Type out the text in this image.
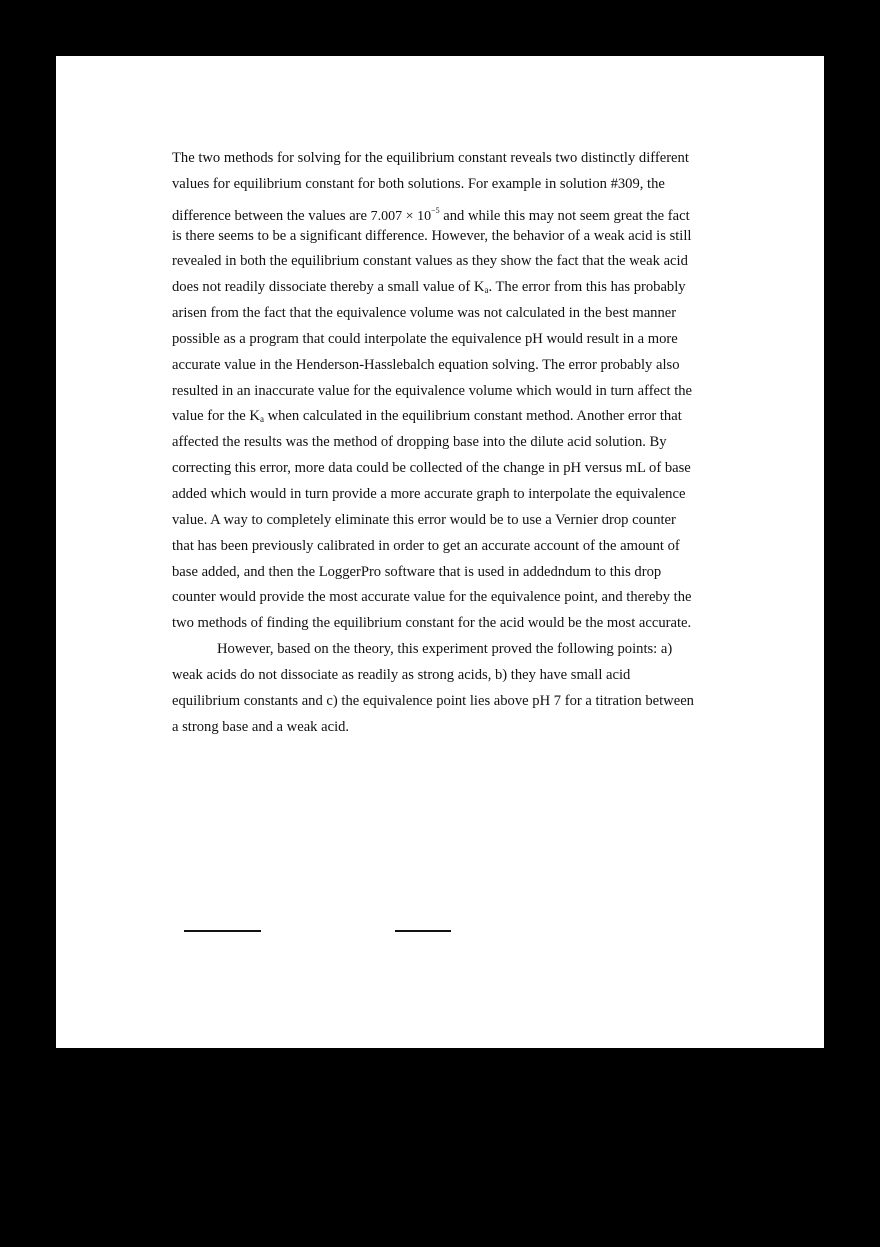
The two methods for solving for the equilibrium constant reveals two distinctly different
values for equilibrium constant for both solutions. For example in solution #309, the
difference between the values are $7.007 \times 10^{-5}$ and while this may not seem great the fact
is there seems to be a significant difference. However, the behavior of a weak acid is still
revealed in both the equilibrium constant values as they show the fact that the weak acid
does not readily dissociate thereby a small value of $K_a$. The error from this has probably
arisen from the fact that the equivalence volume was not calculated in the best manner
possible as a program that could interpolate the equivalence pH would result in a more
accurate value in the Henderson-Hasslebalch equation solving. The error probably also
resulted in an inaccurate value for the equivalence volume which would in turn affect the
value for the $K_a$ when calculated in the equilibrium constant method. Another error that
affected the results was the method of dropping base into the dilute acid solution. By
correcting this error, more data could be collected of the change in pH versus mL of base
added which would in turn provide a more accurate graph to interpolate the equivalence
value. A way to completely eliminate this error would be to use a Vernier drop counter
that has been previously calibrated in order to get an accurate account of the amount of
base added, and then the LoggerPro software that is used in addedndum to this drop
counter would provide the most accurate value for the equivalence point, and thereby the
two methods of finding the equilibrium constant for the acid would be the most accurate.
However, based on the theory, this experiment proved the following points: a)
weak acids do not dissociate as readily as strong acids, b) they have small acid
equilibrium constants and c) the equivalence point lies above pH 7 for a titration between
a strong base and a weak acid.
